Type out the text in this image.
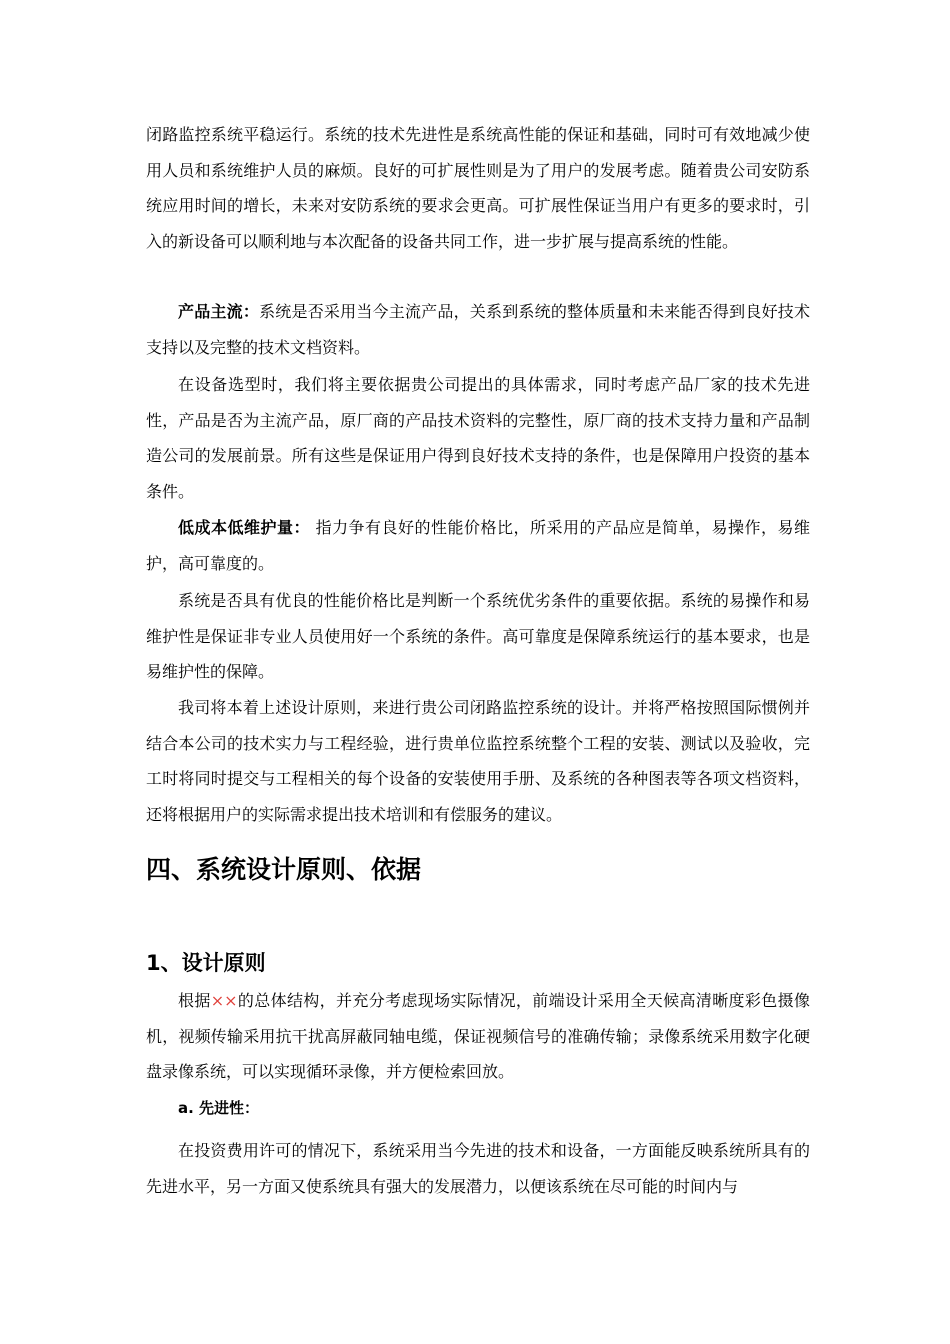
闭路监控系统平稳运行。系统的技术先进性是系统高性能的保证和基础，同时可有效地减少使用人员和系统维护人员的麻烦。良好的可扩展性则是为了用户的发展考虑。随着贵公司安防系统应用时间的增长，未来对安防系统的要求会更高。可扩展性保证当用户有更多的要求时，引入的新设备可以顺利地与本次配备的设备共同工作，进一步扩展与提高系统的性能。

产品主流：系统是否采用当今主流产品，关系到系统的整体质量和未来能否得到良好技术支持以及完整的技术文档资料。

在设备选型时，我们将主要依据贵公司提出的具体需求，同时考虑产品厂家的技术先进性，产品是否为主流产品，原厂商的产品技术资料的完整性，原厂商的技术支持力量和产品制造公司的发展前景。所有这些是保证用户得到良好技术支持的条件，也是保障用户投资的基本条件。

低成本低维护量： 指力争有良好的性能价格比，所采用的产品应是简单，易操作，易维护，高可靠度的。

系统是否具有优良的性能价格比是判断一个系统优劣条件的重要依据。系统的易操作和易维护性是保证非专业人员使用好一个系统的条件。高可靠度是保障系统运行的基本要求，也是易维护性的保障。

我司将本着上述设计原则，来进行贵公司闭路监控系统的设计。并将严格按照国际惯例并结合本公司的技术实力与工程经验，进行贵单位监控系统整个工程的安装、测试以及验收，完工时将同时提交与工程相关的每个设备的安装使用手册、及系统的各种图表等各项文档资料，还将根据用户的实际需求提出技术培训和有偿服务的建议。

四、系统设计原则、依据
1、设计原则

根据××的总体结构，并充分考虑现场实际情况，前端设计采用全天候高清晰度彩色摄像机，视频传输采用抗干扰高屏蔽同轴电缆，保证视频信号的准确传输；录像系统采用数字化硬盘录像系统，可以实现循环录像，并方便检索回放。

a. 先进性：

在投资费用许可的情况下，系统采用当今先进的技术和设备，一方面能反映系统所具有的先进水平，另一方面又使系统具有强大的发展潜力，以便该系统在尽可能的时间内与
